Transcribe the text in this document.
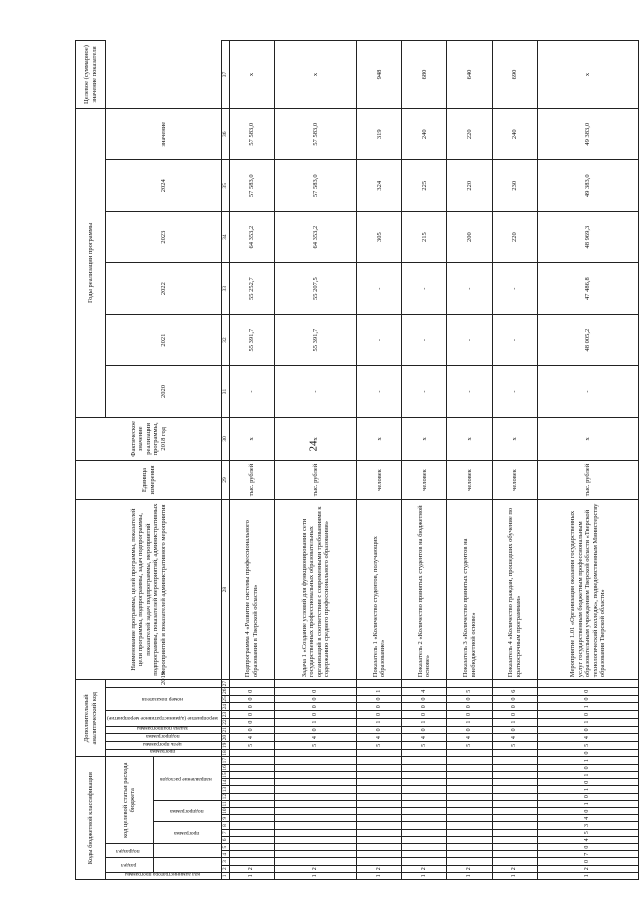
24
Коды бюджетной классификации																	Дополнительный аналитический код										Наименование программы, целей программы, показателей цели программы, подпрограммы, задач подпрограммы, показателей задач подпрограммы, мероприятий подпрограммы, показателей мероприятий, административных мероприятий и показателей административного мероприятия	Единица измерения	Фактическое значение реализации программы, 2018 год	Годы реализации программы						Целевое (суммарное) значение показателя
код администратора программы	раздел		подраздел		код целевой статьи расхода бюджета												программа	цель программы	подпрограмма	задача подпрограммы	мероприятие (административное мероприятие)		номер показателя			2019				2020	2021	2022	2023	2024	значение	
					программа			подпрограмма			направление расходов																									
1	2	3	4	5	6	7	8	9	10	11	12	13	14	15	16	17	18	19	20	21	22	23	24	25	26	27	28	29	30	31	32	33	34	35	36	37
1	2																	5	4	0	0	0	0	0	0		Подпрограмма 4 «Развитие системы профессионального образования в Тверской области»	тыс. рублей	х	-	55 391,7	55 252,7	64 353,2	57 583,0	57 583,0	х
1	2																	5	4	0	1	0	0	0	0		Задача 1 «Создание условий для функционирования сети государственных профессиональных образовательных организаций в соответствии с современными требованиями к содержанию среднего профессионального образования»	тыс. рублей	х	-	55 391,7	55 207,5	64 353,2	57 583,0	57 583,0	х
1	2																	5	4	0	1	0	0	0	1		Показатель 1 «Количество студентов, получающих образование»	человек	х	-	-	-	305	324	319	948
1	2																	5	4	0	1	0	0	0	4		Показатель 2 «Количество принятых студентов на бюджетной основе»	человек	х	-	-	-	215	225	240	680
1	2																	5	4	0	1	0	0	0	5		Показатель 3 «Количество принятых студентов на внебюджетной основе»	человек	х	-	-	-	200	220	220	640
1	2																	5	4	0	1	0	0	0	6		Показатель 4 «Количество граждан, прошедших обучение по краткосрочным программам»	человек	х	-	-	-	220	230	240	690
1	2	0	7	0	4	5	3	4	0	1	0	1	0	1	0	1	0	5	4	0	1	0	1	0	0		Мероприятие 1.01 «Организация оказания государственных услуг государственным бюджетным профессиональным образовательным учреждением Тверской области «Тверской технологический колледж», подведомственным Министерству образования Тверской области»	тыс. рублей	х	-	48 005,2	47 486,8	48 969,3	49 383,0	49 383,0	х
